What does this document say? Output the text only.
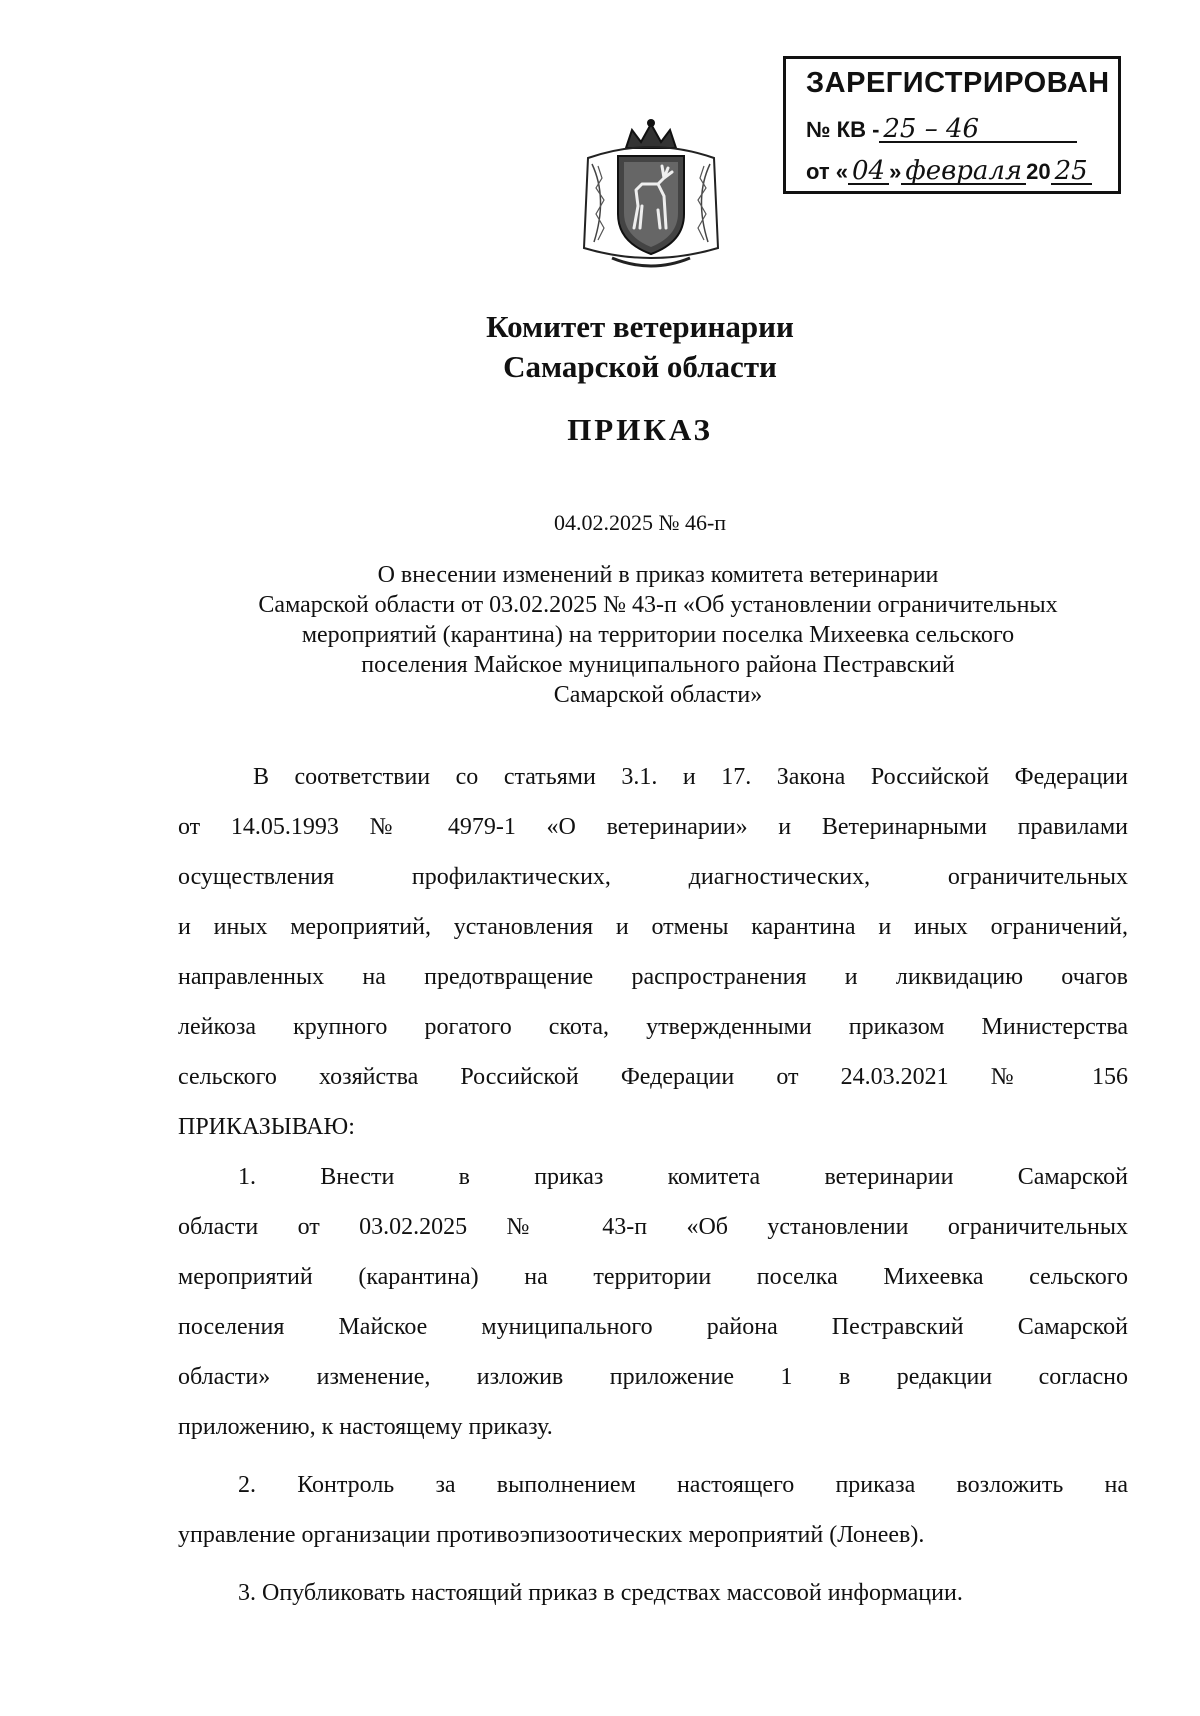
ЗАРЕГИСТРИРОВАН
№ КВ - 25 – 46
от « 04 » февраля 20 25
Комитет ветеринарии
Самарской области
ПРИКАЗ
04.02.2025 № 46-п
О внесении изменений в приказ комитета ветеринарии
Самарской области от 03.02.2025 № 43-п «Об установлении ограничительных
мероприятий (карантина) на территории поселка Михеевка сельского
поселения Майское муниципального района Пестравский
Самарской области»
В соответствии со статьями 3.1. и 17. Закона Российской Федерации
от 14.05.1993 № 4979-1 «О ветеринарии» и Ветеринарными правилами
осуществления профилактических, диагностических, ограничительных
и иных мероприятий, установления и отмены карантина и иных ограничений,
направленных на предотвращение распространения и ликвидацию очагов
лейкоза крупного рогатого скота, утвержденными приказом Министерства
сельского хозяйства Российской Федерации от 24.03.2021 № 156
ПРИКАЗЫВАЮ:
1. Внести в приказ комитета ветеринарии Самарской
области от 03.02.2025 № 43-п «Об установлении ограничительных
мероприятий (карантина) на территории поселка Михеевка сельского
поселения Майское муниципального района Пестравский Самарской
области» изменение, изложив приложение 1 в редакции согласно
приложению, к настоящему приказу.
2. Контроль за выполнением настоящего приказа возложить на
управление организации противоэпизоотических мероприятий (Лонеев).
3. Опубликовать настоящий приказ в средствах массовой информации.
